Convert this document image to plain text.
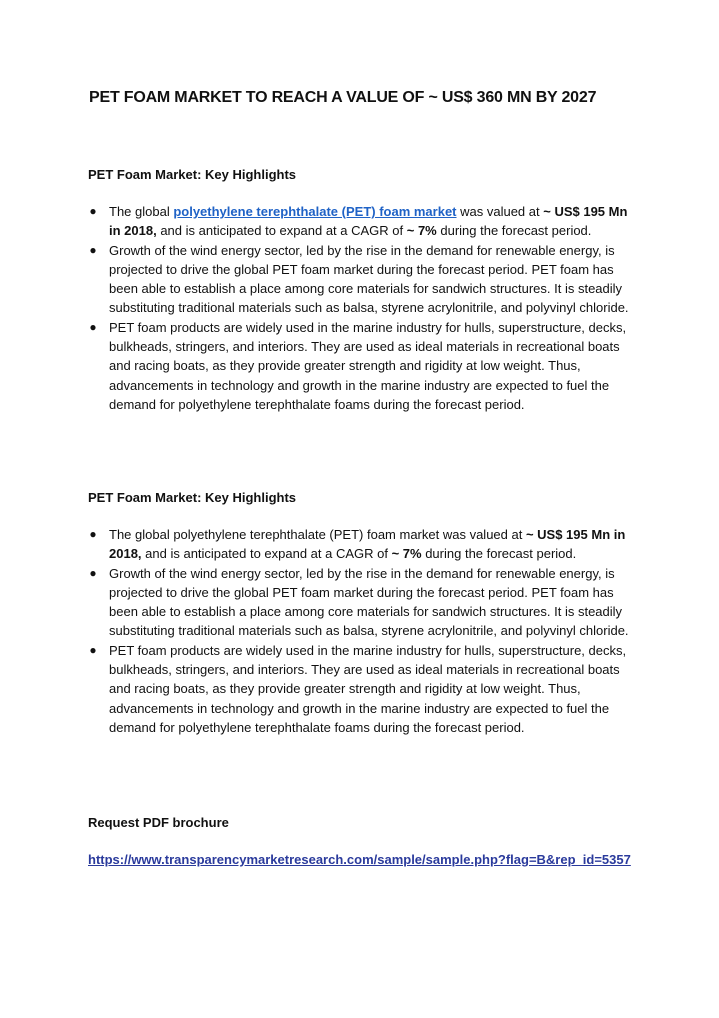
PET FOAM MARKET TO REACH A VALUE OF ~ US$ 360 MN BY 2027
PET Foam Market: Key Highlights
● The global polyethylene terephthalate (PET) foam market was valued at ~ US$ 195 Mn in 2018, and is anticipated to expand at a CAGR of ~ 7% during the forecast period.
● Growth of the wind energy sector, led by the rise in the demand for renewable energy, is projected to drive the global PET foam market during the forecast period. PET foam has been able to establish a place among core materials for sandwich structures. It is steadily substituting traditional materials such as balsa, styrene acrylonitrile, and polyvinyl chloride.
● PET foam products are widely used in the marine industry for hulls, superstructure, decks, bulkheads, stringers, and interiors. They are used as ideal materials in recreational boats and racing boats, as they provide greater strength and rigidity at low weight. Thus, advancements in technology and growth in the marine industry are expected to fuel the demand for polyethylene terephthalate foams during the forecast period.
PET Foam Market: Key Highlights
● The global polyethylene terephthalate (PET) foam market was valued at ~ US$ 195 Mn in 2018, and is anticipated to expand at a CAGR of ~ 7% during the forecast period.
● Growth of the wind energy sector, led by the rise in the demand for renewable energy, is projected to drive the global PET foam market during the forecast period. PET foam has been able to establish a place among core materials for sandwich structures. It is steadily substituting traditional materials such as balsa, styrene acrylonitrile, and polyvinyl chloride.
● PET foam products are widely used in the marine industry for hulls, superstructure, decks, bulkheads, stringers, and interiors. They are used as ideal materials in recreational boats and racing boats, as they provide greater strength and rigidity at low weight. Thus, advancements in technology and growth in the marine industry are expected to fuel the demand for polyethylene terephthalate foams during the forecast period.
Request PDF brochure
https://www.transparencymarketresearch.com/sample/sample.php?flag=B&rep_id=5357
